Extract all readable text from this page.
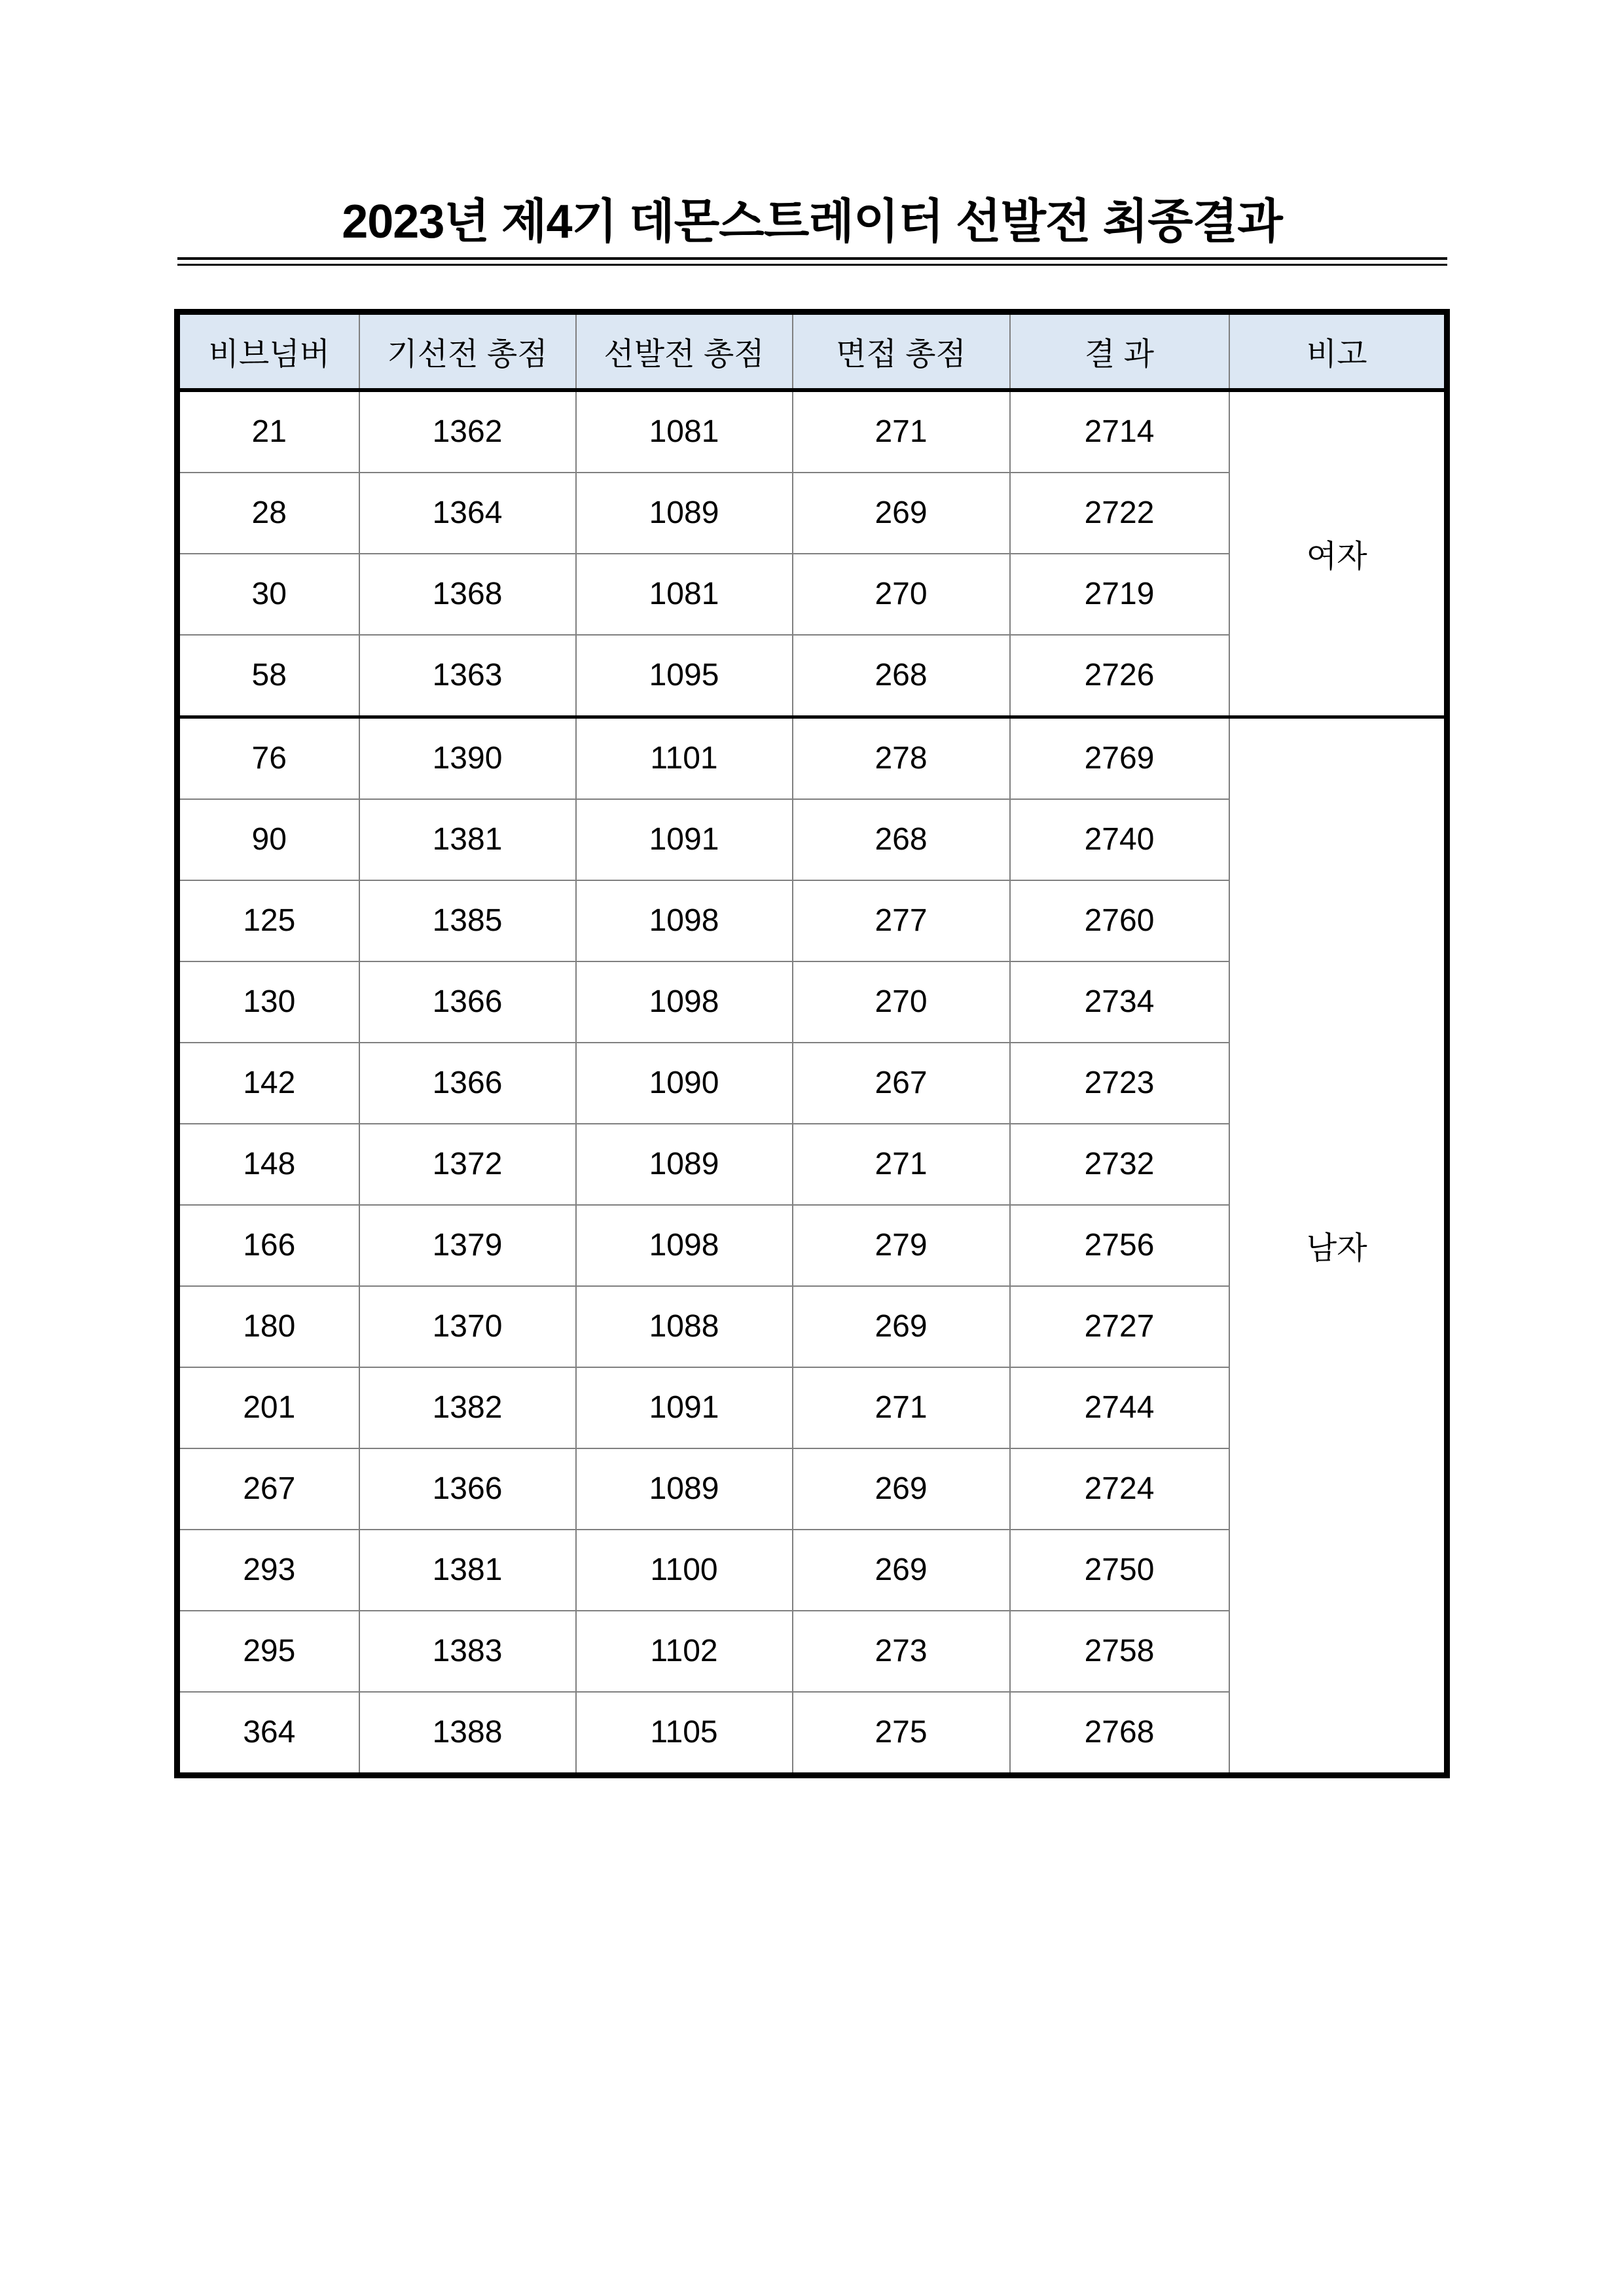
2023년 제4기 데몬스트레이터 선발전 최종결과
비브넘버	기선전 총점	선발전 총점	면접 총점	결 과	비고
21	1362	1081	271	2714	여자
28	1364	1089	269	2722	
30	1368	1081	270	2719	
58	1363	1095	268	2726	
76	1390	1101	278	2769	남자
90	1381	1091	268	2740	
125	1385	1098	277	2760	
130	1366	1098	270	2734	
142	1366	1090	267	2723	
148	1372	1089	271	2732	
166	1379	1098	279	2756	
180	1370	1088	269	2727	
201	1382	1091	271	2744	
267	1366	1089	269	2724	
293	1381	1100	269	2750	
295	1383	1102	273	2758	
364	1388	1105	275	2768	
